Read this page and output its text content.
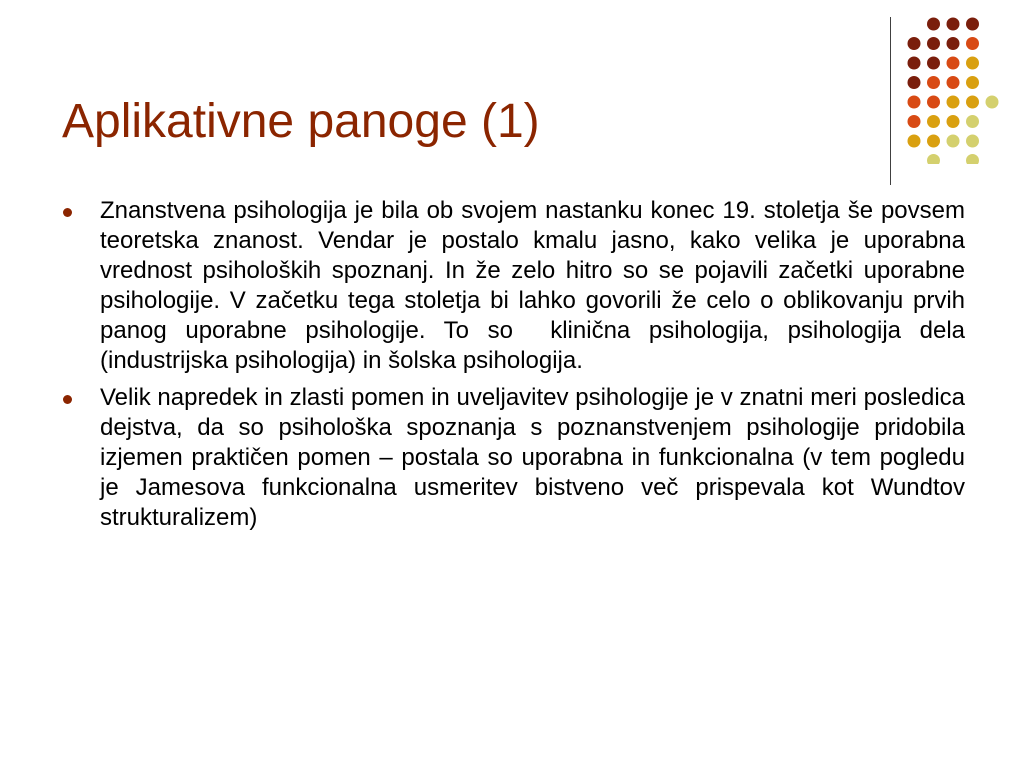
Aplikativne panoge (1)
Znanstvena psihologija je bila ob svojem nastanku konec 19. stoletja še povsem teoretska znanost. Vendar je postalo kmalu jasno, kako velika je uporabna vrednost psiholoških spoznanj. In že zelo hitro so se pojavili začetki uporabne psihologije. V začetku tega stoletja bi lahko govorili že celo o oblikovanju prvih panog uporabne psihologije. To so  klinična psihologija, psihologija dela (industrijska psihologija) in šolska psihologija.
Velik napredek in zlasti pomen in uveljavitev psihologije je v znatni meri posledica dejstva, da so psihološka spoznanja s poznanstvenjem psihologije pridobila izjemen praktičen pomen – postala so uporabna in funkcionalna (v tem pogledu je Jamesova funkcionalna usmeritev bistveno več prispevala kot Wundtov strukturalizem)
